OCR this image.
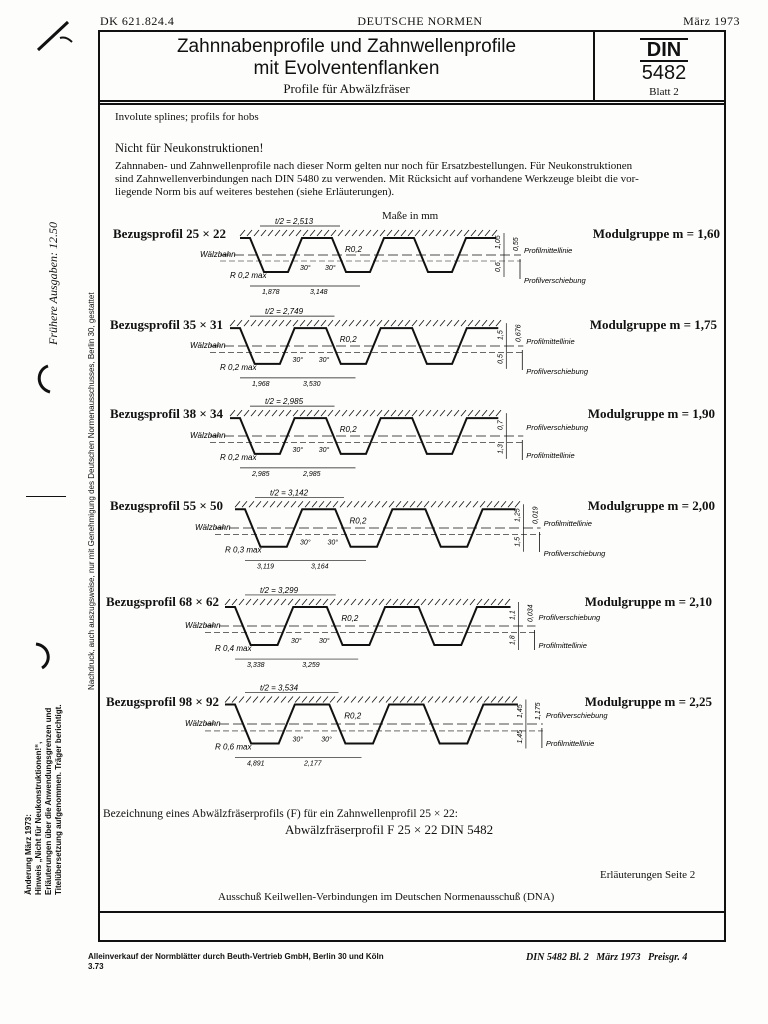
DK 621.824.4	DEUTSCHE NORMEN	März 1973
Frühere Ausgaben: 12.50
Nachdruck, auch auszugsweise, nur mit Genehmigung des Deutschen Normenausschusses, Berlin 30, gestattet
Änderung März 1973: Hinweis „Nicht für Neukonstruktionen!“, Erläuterungen über die Anwendungsgrenzen und Titelübersetzung aufgenommen. Träger berichtigt.
Zahnnabenprofile und Zahnwellenprofile
mit Evolventenflanken
Profile für Abwälzfräser
DIN
5482
Blatt 2
Involute splines; profils for hobs
Nicht für Neukonstruktionen!
Zahnnaben- und Zahnwellenprofile nach dieser Norm gelten nur noch für Ersatzbestellungen. Für Neukonstruktionen
sind Zahnwellenverbindungen nach DIN 5480 zu verwenden. Mit Rücksicht auf vorhandene Werkzeuge bleibt die vor-
liegende Norm bis auf weiteres bestehen (siehe Erläuterungen).
Maße in mm
Bezugsprofil 25 × 22	Modulgruppe m = 1,60
Bezugsprofil 35 × 31	Modulgruppe m = 1,75
Bezugsprofil 38 × 34	Modulgruppe m = 1,90
Bezugsprofil 55 × 50	Modulgruppe m = 2,00
Bezugsprofil 68 × 62	Modulgruppe m = 2,10
Bezugsprofil 98 × 92	Modulgruppe m = 2,25
t/2 = 2,513
1,878	3,148
R 0,2 max
R0,2
30° 30°
Wälzbahn
1,05
0,6
0,55 Profilmittellinie
Profilverschiebung
t/2 = 2,749
1,968	3,530
R 0,2 max
R0,2
30° 30°
Wälzbahn
1,5
0,5
0,676 Profilmittellinie
Profilverschiebung
t/2 = 2,985
2,985	2,985
R 0,2 max
R0,2
30° 30°
Wälzbahn
0,7
1,3
Profilverschiebung
Profilmittellinie
t/2 = 3,142
3,119	3,164
R 0,3 max
R0,2
30° 30°
Wälzbahn
1,25
1,5
0,019 Profilmittellinie
Profilverschiebung
t/2 = 3,299
3,338	3,259
R 0,4 max
R0,2
30° 30°
Wälzbahn
1,1
1,8
0,034 Profilverschiebung
Profilmittellinie
t/2 = 3,534
4,891	2,177
R 0,6 max
R0,2
30°	30°
Wälzbahn
1,45
1,45
1,175 Profilverschiebung
Profilmittellinie
Bezeichnung eines Abwälzfräserprofils (F) für ein Zahnwellenprofil 25 × 22:
Abwälzfräserprofil F 25 × 22 DIN 5482
Erläuterungen Seite 2
Ausschuß Keilwellen-Verbindungen im Deutschen Normenausschuß (DNA)
Alleinverkauf der Normblätter durch Beuth-Vertrieb GmbH, Berlin 30 und Köln
3.73
DIN 5482 Bl. 2   März 1973   Preisgr. 4
